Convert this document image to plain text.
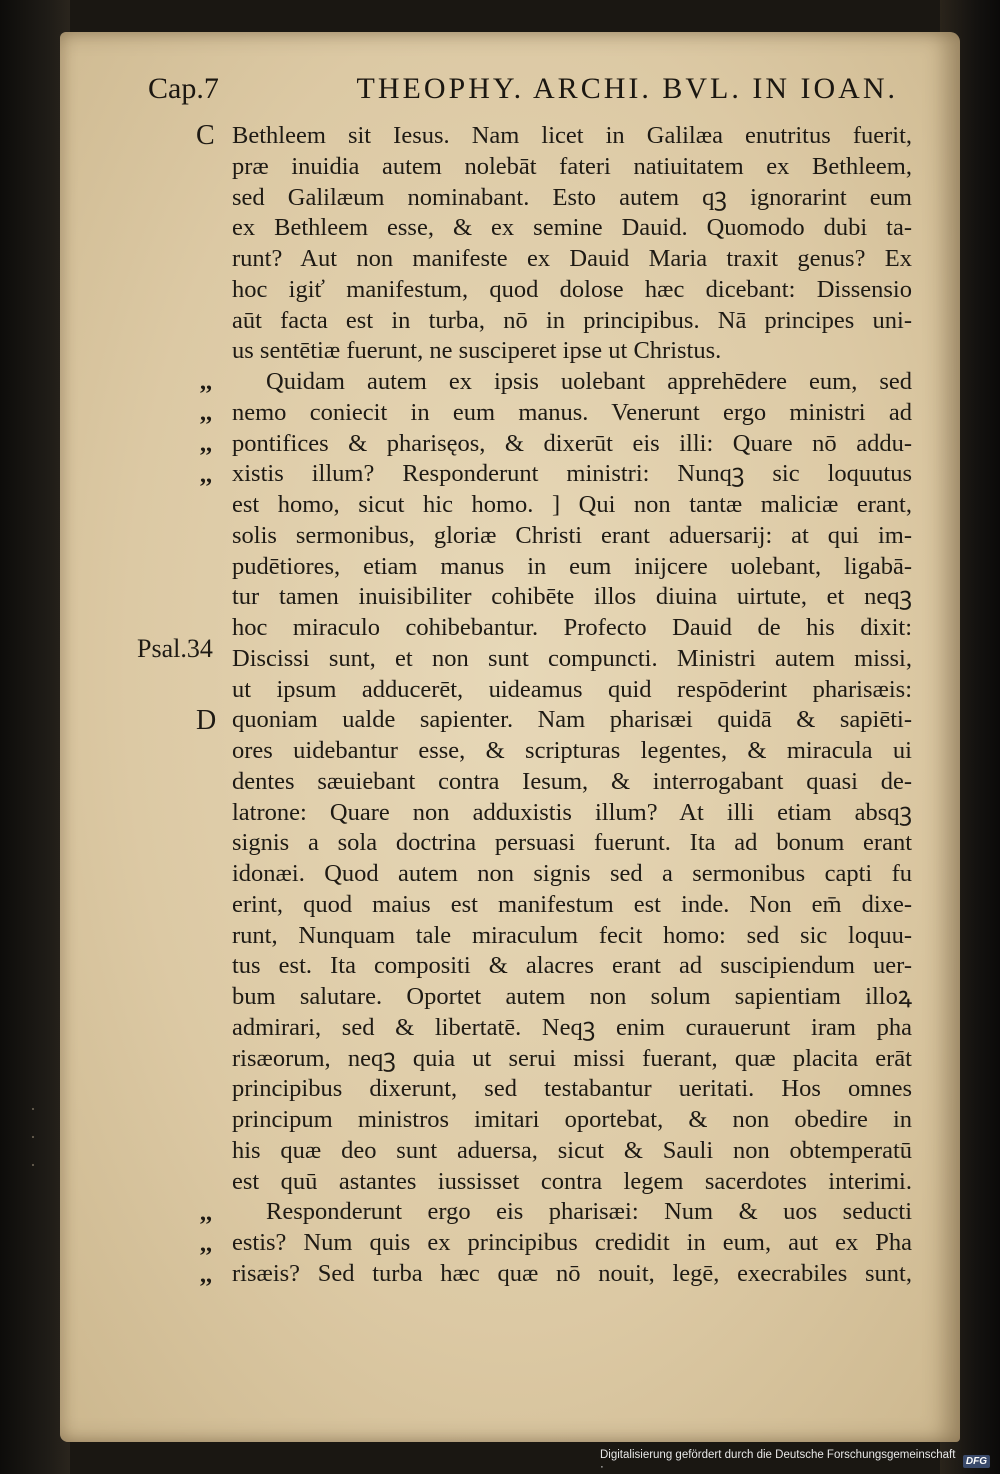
Cap.7	THEOPHY. ARCHI. BVL. IN IOAN.
C
,,
,,
,,
,,
Psal.34
D
,,
,,
,,
Bethleem sit Iesus. Nam licet in Galilæa enutritus fuerit,
præ inuidia autem nolebāt fateri natiuitatem ex Bethleem,
sed Galilæum nominabant. Esto autem qꝫ ignorarint eum
ex Bethleem esse, & ex semine Dauid. Quomodo dubi ta-
runt? Aut non manifeste ex Dauid Maria traxit genus? Ex
hoc igiť manifestum, quod dolose hæc dicebant: Dissensio
aūt facta est in turba, nō in principibus. Nā principes uni-
us sentētiæ fuerunt, ne susciperet ipse ut Christus.
Quidam autem ex ipsis uolebant apprehēdere eum, sed
nemo coniecit in eum manus. Venerunt ergo ministri ad
pontifices & pharisęos, & dixerūt eis illi: Quare nō addu-
xistis illum? Responderunt ministri: Nunqꝫ sic loquutus
est homo, sicut hic homo. ] Qui non tantæ maliciæ erant,
solis sermonibus, gloriæ Christi erant aduersarij: at qui im-
pudētiores, etiam manus in eum inijcere uolebant, ligabā-
tur tamen inuisibiliter cohibēte illos diuina uirtute, et neqꝫ
hoc miraculo cohibebantur. Profecto Dauid de his dixit:
Discissi sunt, et non sunt compuncti. Ministri autem missi,
ut ipsum adducerēt, uideamus quid respōderint pharisæis:
quoniam ualde sapienter. Nam pharisæi quidā & sapiēti-
ores uidebantur esse, & scripturas legentes, & miracula ui
dentes sæuiebant contra Iesum, & interrogabant quasi de-
latrone: Quare non adduxistis illum? At illi etiam absqꝫ
signis a sola doctrina persuasi fuerunt. Ita ad bonum erant
idonæi. Quod autem non signis sed a sermonibus capti fu
erint, quod maius est manifestum est inde. Non em̄ dixe-
runt, Nunquam tale miraculum fecit homo: sed sic loquu-
tus est. Ita compositi & alacres erant ad suscipiendum uer-
bum salutare. Oportet autem non solum sapientiam illoꝝ
admirari, sed & libertatē. Neqꝫ enim curauerunt iram pha
risæorum, neqꝫ quia ut serui missi fuerant, quæ placita erāt
principibus dixerunt, sed testabantur ueritati. Hos omnes
principum ministros imitari oportebat, & non obedire in
his quæ deo sunt aduersa, sicut & Sauli non obtemperatū
est quū astantes iussisset contra legem sacerdotes interimi.
Responderunt ergo eis pharisæi: Num & uos seducti
estis? Num quis ex principibus credidit in eum, aut ex Pha
risæis? Sed turba hæc quæ nō nouit, legē, execrabiles sunt,
·
·
·
Digitalisierung gefördert durch die Deutsche Forschungsgemeinschaft ·	DFG
